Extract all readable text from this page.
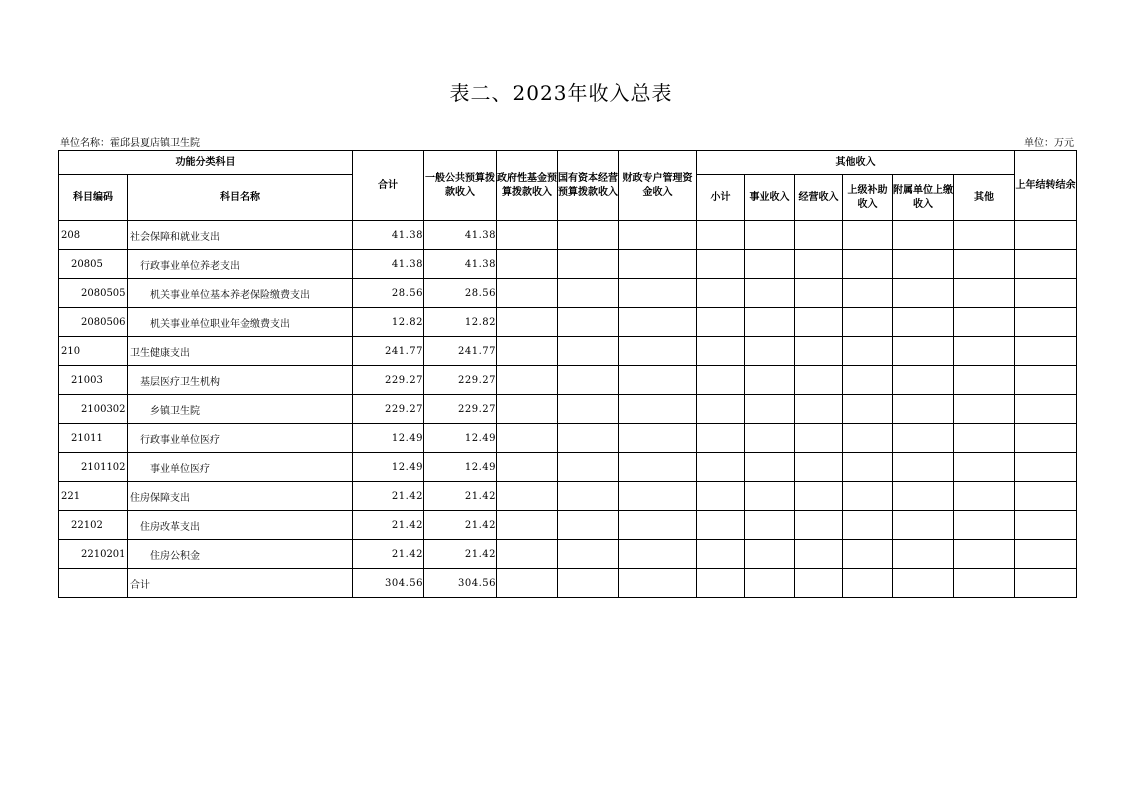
表二、2023年收入总表
单位名称：霍邱县夏店镇卫生院	单位：万元
功能分类科目		合计	一般公共预算拨款收入	政府性基金预算拨款收入	国有资本经营预算拨款收入	财政专户管理资金收入	其他收入						上年结转结余
科目编码	科目名称						小计	事业收入	经营收入	上级补助收入	附属单位上缴收入	其他	
208	社会保障和就业支出	41.38	41.38										
20805	行政事业单位养老支出	41.38	41.38										
2080505	机关事业单位基本养老保险缴费支出	28.56	28.56										
2080506	机关事业单位职业年金缴费支出	12.82	12.82										
210	卫生健康支出	241.77	241.77										
21003	基层医疗卫生机构	229.27	229.27										
2100302	乡镇卫生院	229.27	229.27										
21011	行政事业单位医疗	12.49	12.49										
2101102	事业单位医疗	12.49	12.49										
221	住房保障支出	21.42	21.42										
22102	住房改革支出	21.42	21.42										
2210201	住房公积金	21.42	21.42										
	合计	304.56	304.56										
